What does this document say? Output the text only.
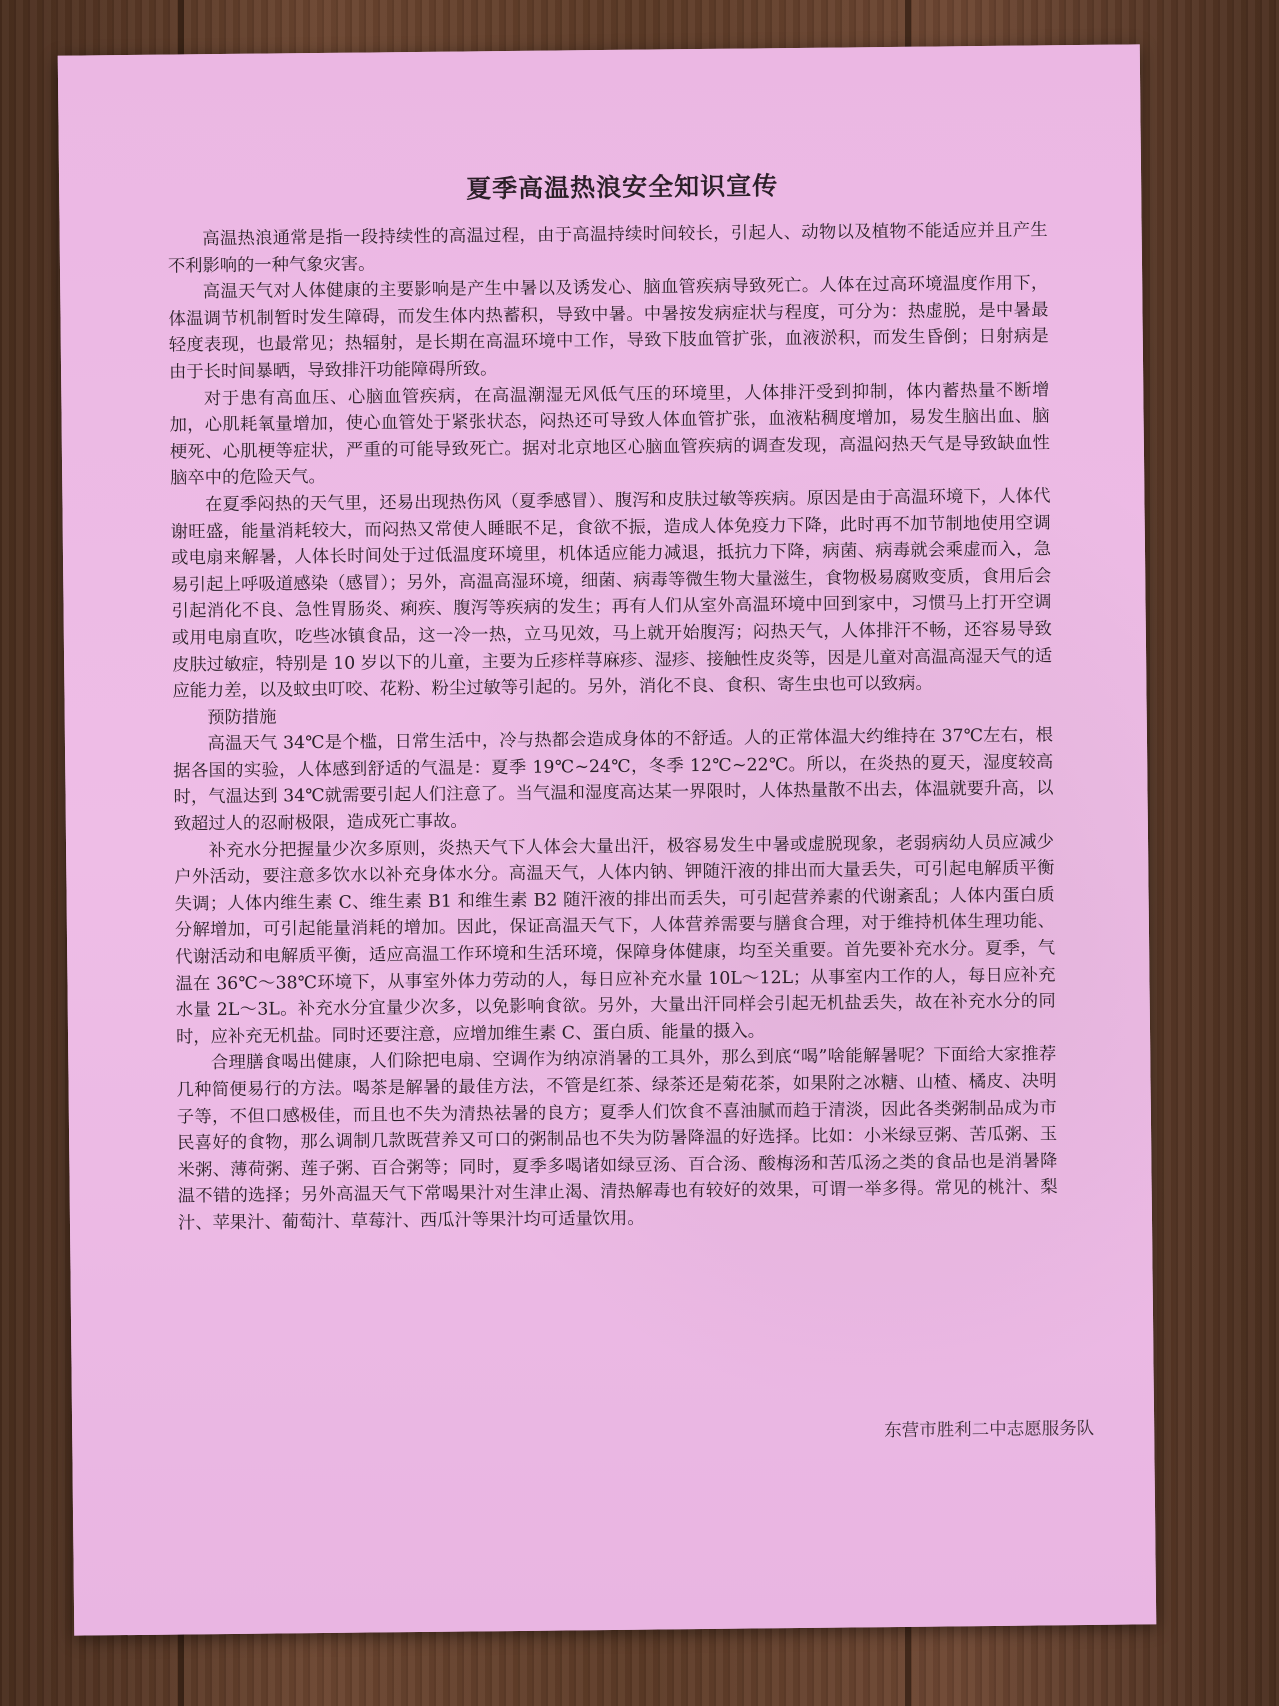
夏季高温热浪安全知识宣传

高温热浪通常是指一段持续性的高温过程，由于高温持续时间较长，引起人、动物以及植物不能适应并且产生不利影响的一种气象灾害。

高温天气对人体健康的主要影响是产生中暑以及诱发心、脑血管疾病导致死亡。人体在过高环境温度作用下，体温调节机制暂时发生障碍，而发生体内热蓄积，导致中暑。中暑按发病症状与程度，可分为：热虚脱，是中暑最轻度表现，也最常见；热辐射，是长期在高温环境中工作，导致下肢血管扩张，血液淤积，而发生昏倒；日射病是由于长时间暴晒，导致排汗功能障碍所致。

对于患有高血压、心脑血管疾病，在高温潮湿无风低气压的环境里，人体排汗受到抑制，体内蓄热量不断增加，心肌耗氧量增加，使心血管处于紧张状态，闷热还可导致人体血管扩张，血液粘稠度增加，易发生脑出血、脑梗死、心肌梗等症状，严重的可能导致死亡。据对北京地区心脑血管疾病的调查发现，高温闷热天气是导致缺血性脑卒中的危险天气。

在夏季闷热的天气里，还易出现热伤风（夏季感冒）、腹泻和皮肤过敏等疾病。原因是由于高温环境下，人体代谢旺盛，能量消耗较大，而闷热又常使人睡眠不足，食欲不振，造成人体免疫力下降，此时再不加节制地使用空调或电扇来解暑，人体长时间处于过低温度环境里，机体适应能力减退，抵抗力下降，病菌、病毒就会乘虚而入，急易引起上呼吸道感染（感冒）；另外，高温高湿环境，细菌、病毒等微生物大量滋生，食物极易腐败变质，食用后会引起消化不良、急性胃肠炎、痢疾、腹泻等疾病的发生；再有人们从室外高温环境中回到家中，习惯马上打开空调或用电扇直吹，吃些冰镇食品，这一冷一热，立马见效，马上就开始腹泻；闷热天气，人体排汗不畅，还容易导致皮肤过敏症，特别是 10 岁以下的儿童，主要为丘疹样荨麻疹、湿疹、接触性皮炎等，因是儿童对高温高湿天气的适应能力差，以及蚊虫叮咬、花粉、粉尘过敏等引起的。另外，消化不良、食积、寄生虫也可以致病。

预防措施

高温天气 34℃是个槛，日常生活中，冷与热都会造成身体的不舒适。人的正常体温大约维持在 37℃左右，根据各国的实验，人体感到舒适的气温是：夏季 19℃~24℃，冬季 12℃~22℃。所以，在炎热的夏天，湿度较高时，气温达到 34℃就需要引起人们注意了。当气温和湿度高达某一界限时，人体热量散不出去，体温就要升高，以致超过人的忍耐极限，造成死亡事故。

补充水分把握量少次多原则，炎热天气下人体会大量出汗，极容易发生中暑或虚脱现象，老弱病幼人员应减少户外活动，要注意多饮水以补充身体水分。高温天气，人体内钠、钾随汗液的排出而大量丢失，可引起电解质平衡失调；人体内维生素 C、维生素 B1 和维生素 B2 随汗液的排出而丢失，可引起营养素的代谢紊乱；人体内蛋白质分解增加，可引起能量消耗的增加。因此，保证高温天气下，人体营养需要与膳食合理，对于维持机体生理功能、代谢活动和电解质平衡，适应高温工作环境和生活环境，保障身体健康，均至关重要。首先要补充水分。夏季，气温在 36℃～38℃环境下，从事室外体力劳动的人，每日应补充水量 10L～12L；从事室内工作的人，每日应补充水量 2L～3L。补充水分宜量少次多，以免影响食欲。另外，大量出汗同样会引起无机盐丢失，故在补充水分的同时，应补充无机盐。同时还要注意，应增加维生素 C、蛋白质、能量的摄入。

合理膳食喝出健康，人们除把电扇、空调作为纳凉消暑的工具外，那么到底“喝”啥能解暑呢？下面给大家推荐几种简便易行的方法。喝茶是解暑的最佳方法，不管是红茶、绿茶还是菊花茶，如果附之冰糖、山楂、橘皮、决明子等，不但口感极佳，而且也不失为清热祛暑的良方；夏季人们饮食不喜油腻而趋于清淡，因此各类粥制品成为市民喜好的食物，那么调制几款既营养又可口的粥制品也不失为防暑降温的好选择。比如：小米绿豆粥、苦瓜粥、玉米粥、薄荷粥、莲子粥、百合粥等；同时，夏季多喝诸如绿豆汤、百合汤、酸梅汤和苦瓜汤之类的食品也是消暑降温不错的选择；另外高温天气下常喝果汁对生津止渴、清热解毒也有较好的效果，可谓一举多得。常见的桃汁、梨汁、苹果汁、葡萄汁、草莓汁、西瓜汁等果汁均可适量饮用。

东营市胜利二中志愿服务队
